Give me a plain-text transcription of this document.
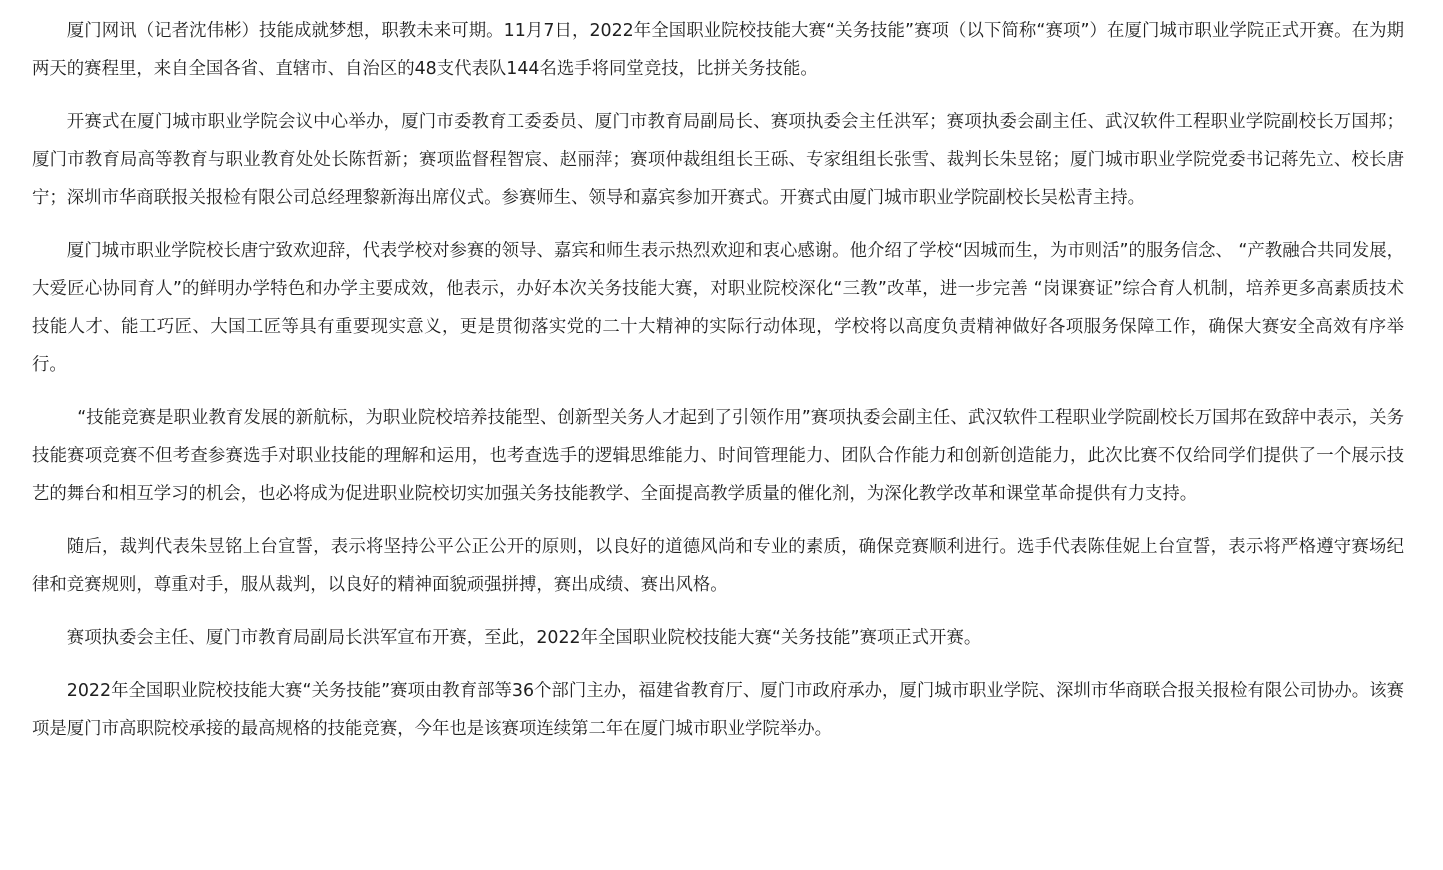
厦门网讯（记者沈伟彬）技能成就梦想，职教未来可期。11月7日，2022年全国职业院校技能大赛“关务技能”赛项（以下简称“赛项”）在厦门城市职业学院正式开赛。在为期两天的赛程里，来自全国各省、直辖市、自治区的48支代表队144名选手将同堂竞技，比拼关务技能。

开赛式在厦门城市职业学院会议中心举办，厦门市委教育工委委员、厦门市教育局副局长、赛项执委会主任洪军；赛项执委会副主任、武汉软件工程职业学院副校长万国邦；厦门市教育局高等教育与职业教育处处长陈哲新；赛项监督程智宸、赵丽萍；赛项仲裁组组长王砾、专家组组长张雪、裁判长朱昱铭；厦门城市职业学院党委书记蒋先立、校长唐宁；深圳市华商联报关报检有限公司总经理黎新海出席仪式。参赛师生、领导和嘉宾参加开赛式。开赛式由厦门城市职业学院副校长吴松青主持。

厦门城市职业学院校长唐宁致欢迎辞，代表学校对参赛的领导、嘉宾和师生表示热烈欢迎和衷心感谢。他介绍了学校“因城而生，为市则活”的服务信念、 “产教融合共同发展，大爱匠心协同育人”的鲜明办学特色和办学主要成效，他表示，办好本次关务技能大赛，对职业院校深化“三教”改革，进一步完善 “岗课赛证”综合育人机制，培养更多高素质技术技能人才、能工巧匠、大国工匠等具有重要现实意义，更是贯彻落实党的二十大精神的实际行动体现，学校将以高度负责精神做好各项服务保障工作，确保大赛安全高效有序举行。

“技能竞赛是职业教育发展的新航标，为职业院校培养技能型、创新型关务人才起到了引领作用”赛项执委会副主任、武汉软件工程职业学院副校长万国邦在致辞中表示，关务技能赛项竞赛不但考查参赛选手对职业技能的理解和运用，也考查选手的逻辑思维能力、时间管理能力、团队合作能力和创新创造能力，此次比赛不仅给同学们提供了一个展示技艺的舞台和相互学习的机会，也必将成为促进职业院校切实加强关务技能教学、全面提高教学质量的催化剂，为深化教学改革和课堂革命提供有力支持。

随后，裁判代表朱昱铭上台宣誓，表示将坚持公平公正公开的原则，以良好的道德风尚和专业的素质，确保竞赛顺利进行。选手代表陈佳妮上台宣誓，表示将严格遵守赛场纪律和竞赛规则，尊重对手，服从裁判，以良好的精神面貌顽强拼搏，赛出成绩、赛出风格。

赛项执委会主任、厦门市教育局副局长洪军宣布开赛，至此，2022年全国职业院校技能大赛“关务技能”赛项正式开赛。

2022年全国职业院校技能大赛“关务技能”赛项由教育部等36个部门主办，福建省教育厅、厦门市政府承办，厦门城市职业学院、深圳市华商联合报关报检有限公司协办。该赛项是厦门市高职院校承接的最高规格的技能竞赛，今年也是该赛项连续第二年在厦门城市职业学院举办。
